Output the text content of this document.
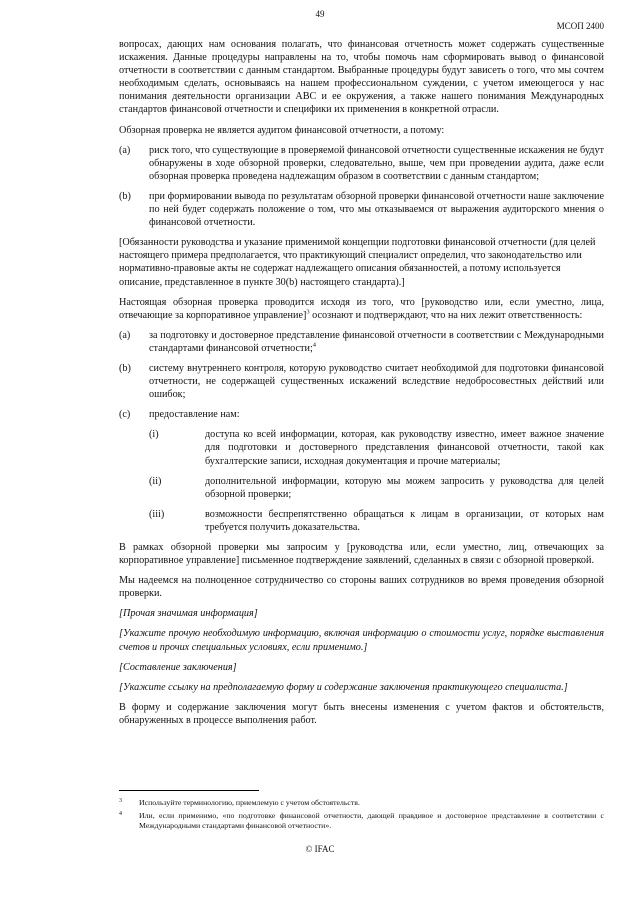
49
МСОП 2400

вопросах, дающих нам основания полагать, что финансовая отчетность может содержать существенные искажения. Данные процедуры направлены на то, чтобы помочь нам сформировать вывод о финансовой отчетности в соответствии с данным стандартом. Выбранные процедуры будут зависеть о того, что мы сочтем необходимым сделать, основываясь на нашем профессиональном суждении, с учетом имеющегося у нас понимания деятельности организации ABC и ее окружения, а также нашего понимания Международных стандартов финансовой отчетности и специфики их применения в конкретной отрасли.

Обзорная проверка не является аудитом финансовой отчетности, а потому:

(a) риск того, что существующие в проверяемой финансовой отчетности существенные искажения не будут обнаружены в ходе обзорной проверки, следовательно, выше, чем при проведении аудита, даже если обзорная проверка проведена надлежащим образом в соответствии с данным стандартом;
(b) при формировании вывода по результатам обзорной проверки финансовой отчетности наше заключение по ней будет содержать положение о том, что мы отказываемся от выражения аудиторского мнения о финансовой отчетности.

[Обязанности руководства и указание применимой концепции подготовки финансовой отчетности (для целей настоящего примера предполагается, что практикующий специалист определил, что законодательство или нормативно-правовые акты не содержат надлежащего описания обязанностей, а потому используется описание, представленное в пункте 30(b) настоящего стандарта).]

Настоящая обзорная проверка проводится исходя из того, что [руководство или, если уместно, лица, отвечающие за корпоративное управление]$^3$ осознают и подтверждают, что на них лежит ответственность:

(a) за подготовку и достоверное представление финансовой отчетности в соответствии с Международными стандартами финансовой отчетности;$^4$
(b) систему внутреннего контроля, которую руководство считает необходимой для подготовки финансовой отчетности, не содержащей существенных искажений вследствие недобросовестных действий или ошибок;
(c) предоставление нам:
(i)	доступа ко всей информации, которая, как руководству известно, имеет важное значение для подготовки и достоверного представления финансовой отчетности, такой как бухгалтерские записи, исходная документация и прочие материалы;
(ii)	дополнительной информации, которую мы можем запросить у руководства для целей обзорной проверки;
(iii)	возможности беспрепятственно обращаться к лицам в организации, от которых нам требуется получить доказательства.

В рамках обзорной проверки мы запросим у [руководства или, если уместно, лиц, отвечающих за корпоративное управление] письменное подтверждение заявлений, сделанных в связи с обзорной проверкой.

Мы надеемся на полноценное сотрудничество со стороны ваших сотрудников во время проведения обзорной проверки.

[Прочая значимая информация]

[Укажите прочую необходимую информацию, включая информацию о стоимости услуг, порядке выставления счетов и прочих специальных условиях, если применимо.]

[Составление заключения]

[Укажите ссылку на предполагаемую форму и содержание заключения практикующего специалиста.]

В форму и содержание заключения могут быть внесены изменения с учетом фактов и обстоятельств, обнаруженных в процессе выполнения работ.

3	Используйте терминологию, приемлемую с учетом обстоятельств.
4	Или, если применимо, «по подготовке финансовой отчетности, дающей правдивое и достоверное представление в соответствии с Международными стандартами финансовой отчетности».
© IFAC
